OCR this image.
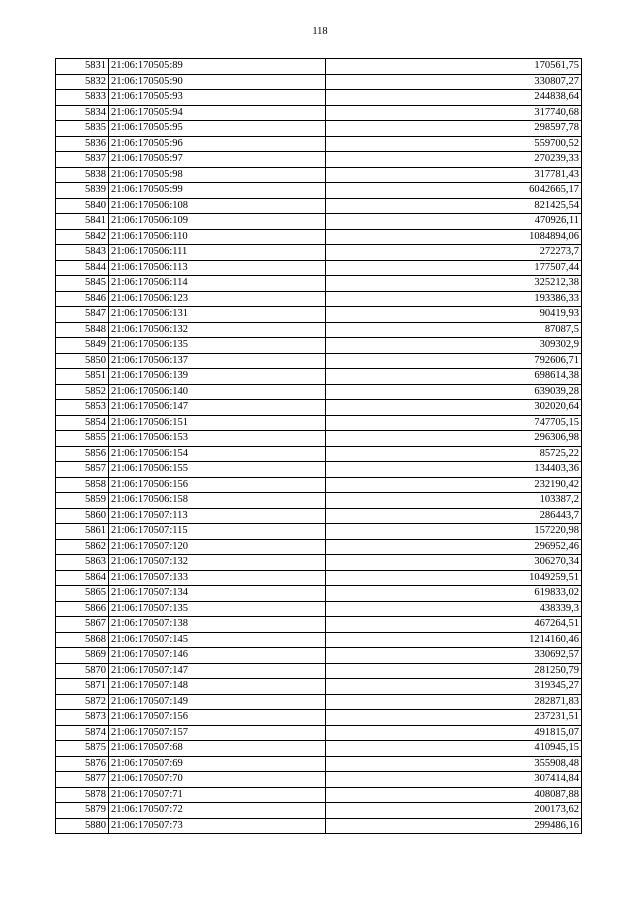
118
5831	21:06:170505:89	170561,75
5832	21:06:170505:90	330807,27
5833	21:06:170505:93	244838,64
5834	21:06:170505:94	317740,68
5835	21:06:170505:95	298597,78
5836	21:06:170505:96	559700,52
5837	21:06:170505:97	270239,33
5838	21:06:170505:98	317781,43
5839	21:06:170505:99	6042665,17
5840	21:06:170506:108	821425,54
5841	21:06:170506:109	470926,11
5842	21:06:170506:110	1084894,06
5843	21:06:170506:111	272273,7
5844	21:06:170506:113	177507,44
5845	21:06:170506:114	325212,38
5846	21:06:170506:123	193386,33
5847	21:06:170506:131	90419,93
5848	21:06:170506:132	87087,5
5849	21:06:170506:135	309302,9
5850	21:06:170506:137	792606,71
5851	21:06:170506:139	698614,38
5852	21:06:170506:140	639039,28
5853	21:06:170506:147	302020,64
5854	21:06:170506:151	747705,15
5855	21:06:170506:153	296306,98
5856	21:06:170506:154	85725,22
5857	21:06:170506:155	134403,36
5858	21:06:170506:156	232190,42
5859	21:06:170506:158	103387,2
5860	21:06:170507:113	286443,7
5861	21:06:170507:115	157220,98
5862	21:06:170507:120	296952,46
5863	21:06:170507:132	306270,34
5864	21:06:170507:133	1049259,51
5865	21:06:170507:134	619833,02
5866	21:06:170507:135	438339,3
5867	21:06:170507:138	467264,51
5868	21:06:170507:145	1214160,46
5869	21:06:170507:146	330692,57
5870	21:06:170507:147	281250,79
5871	21:06:170507:148	319345,27
5872	21:06:170507:149	282871,83
5873	21:06:170507:156	237231,51
5874	21:06:170507:157	491815,07
5875	21:06:170507:68	410945,15
5876	21:06:170507:69	355908,48
5877	21:06:170507:70	307414,84
5878	21:06:170507:71	408087,88
5879	21:06:170507:72	200173,62
5880	21:06:170507:73	299486,16
